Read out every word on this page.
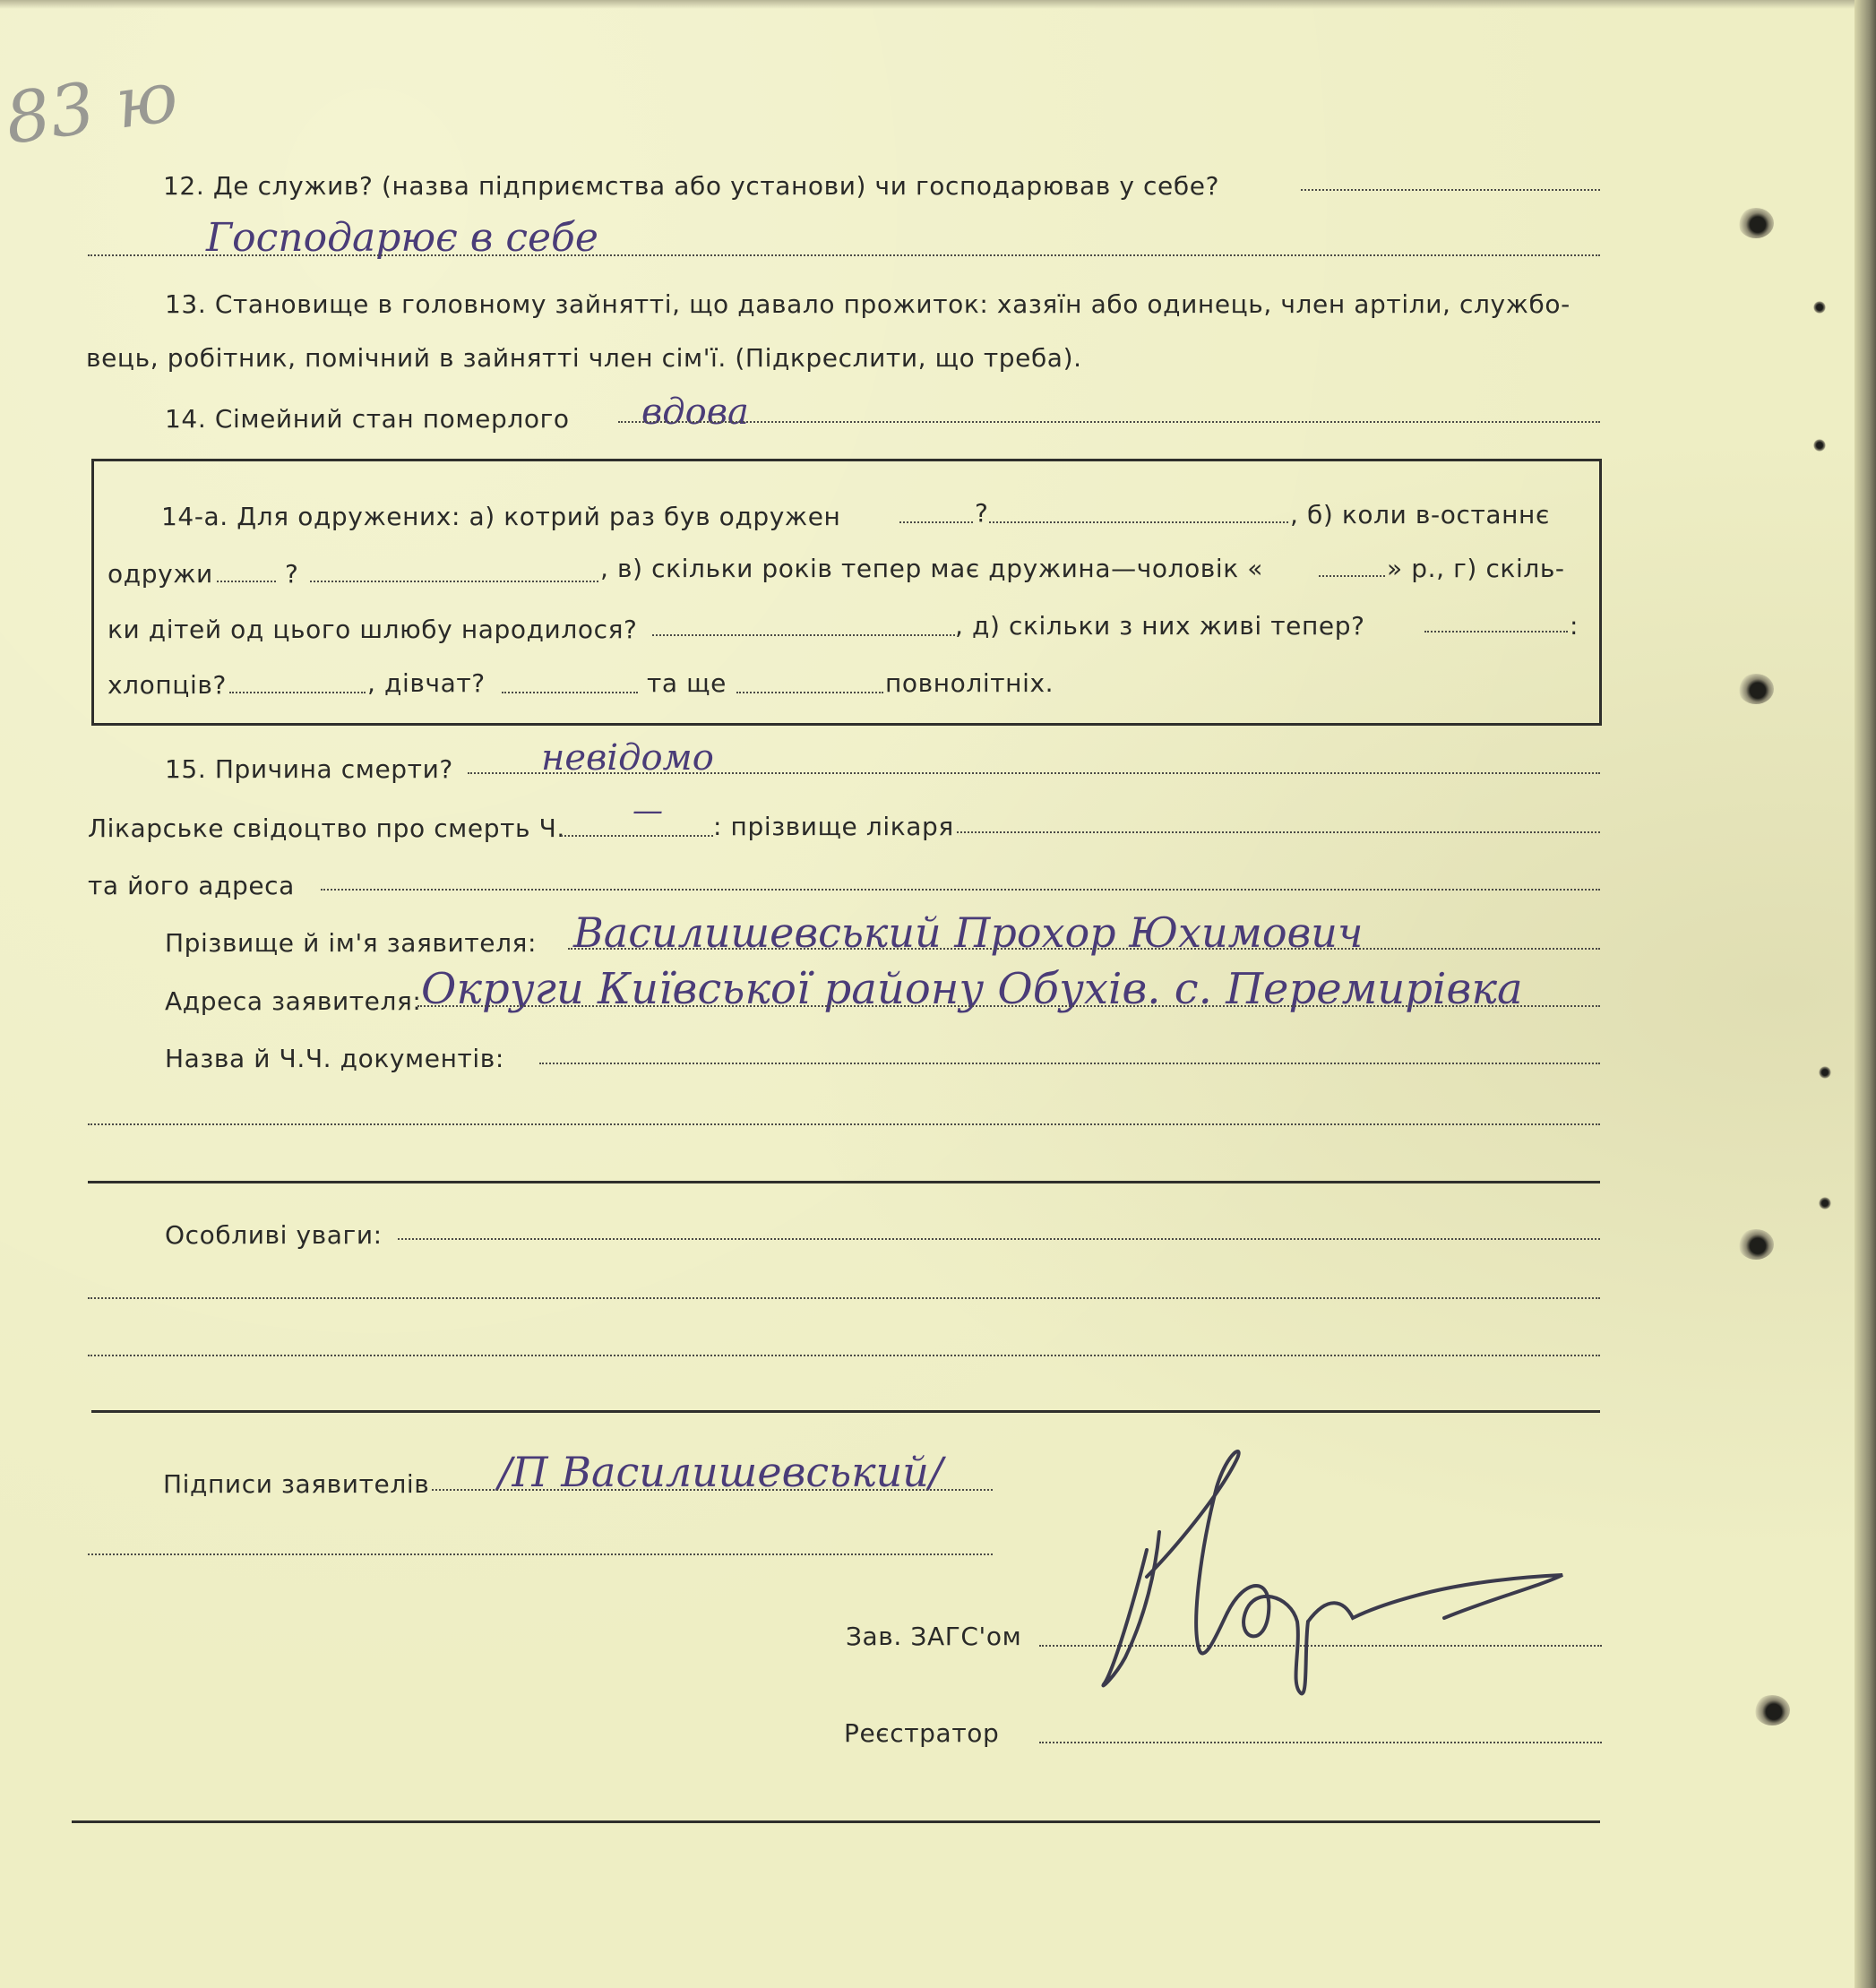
83 ю
12. Де служив? (назва підприємства або установи) чи господарював у себе?
Господарює в себе
13. Становище в головному зайнятті, що давало прожиток: хазяїн або одинець, член артіли, службо-
вець, робітник, помічний в зайнятті член сім'ї. (Підкреслити, що треба).
14. Сімейний стан померлого вдова
14-а. Для одружених: а) котрий раз був одружен	?	, б) коли в-останнє
одружи	?	, в) скільки років тепер має дружина—чоловік «	» р., г) скіль-
ки дітей од цього шлюбу народилося?	, д) скільки з них живі тепер?	:
хлопців?	, дівчат?	та ще	повнолітніх.
15. Причина смерти? невідомо
Лікарське свідоцтво про смерть Ч. — : прізвище лікаря
та його адреса
Прізвище й ім'я заявителя: Василишевський Прохор Юхимович
Адреса заявителя: Округи Київської району Обухів. с. Перемирівка
Назва й Ч.Ч. документів:
Особливі уваги:
Підписи заявителів /П Василишевський/
Зав. ЗАГС'ом
Реєстратор
